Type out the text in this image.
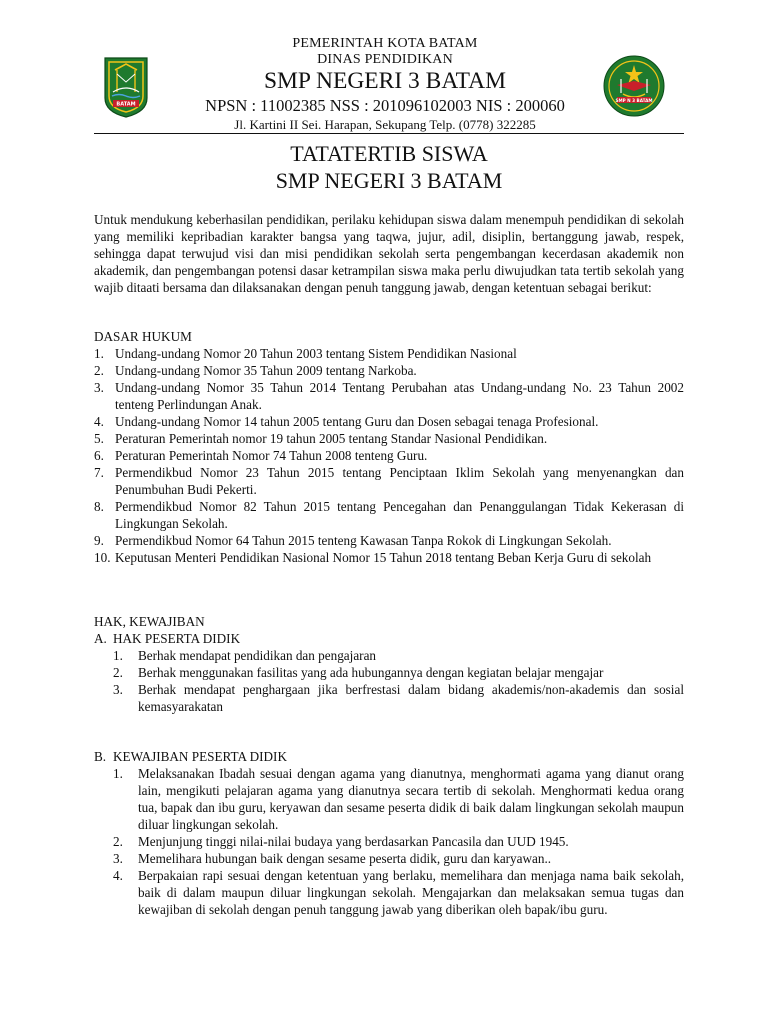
BATAM
SMP N 3 BATAM
PEMERINTAH KOTA BATAM
DINAS PENDIDIKAN
SMP NEGERI 3 BATAM
NPSN : 11002385 NSS : 201096102003 NIS : 200060
Jl. Kartini II Sei. Harapan, Sekupang Telp. (0778) 322285
TATATERTIB SISWA
SMP NEGERI 3 BATAM
Untuk mendukung keberhasilan pendidikan, perilaku kehidupan siswa dalam menempuh pendidikan di sekolah yang memiliki kepribadian karakter bangsa yang taqwa, jujur, adil, disiplin, bertanggung jawab, respek, sehingga dapat terwujud visi dan misi pendidikan sekolah serta pengembangan kecerdasan akademik non akademik, dan pengembangan potensi dasar ketrampilan siswa maka perlu diwujudkan tata tertib sekolah yang wajib ditaati bersama dan dilaksanakan dengan penuh tanggung jawab, dengan ketentuan sebagai berikut:
DASAR HUKUM
1. Undang-undang Nomor 20 Tahun 2003 tentang Sistem Pendidikan Nasional
2. Undang-undang Nomor 35 Tahun 2009 tentang Narkoba.
3. Undang-undang Nomor 35 Tahun 2014 Tentang Perubahan atas Undang-undang No. 23 Tahun 2002 tenteng Perlindungan Anak.
4. Undang-undang Nomor 14 tahun 2005 tentang Guru dan Dosen sebagai tenaga Profesional.
5. Peraturan Pemerintah nomor 19 tahun 2005 tentang Standar Nasional Pendidikan.
6. Peraturan Pemerintah Nomor 74 Tahun 2008 tenteng Guru.
7. Permendikbud Nomor 23 Tahun 2015 tentang Penciptaan Iklim Sekolah yang menyenangkan dan Penumbuhan Budi Pekerti.
8. Permendikbud Nomor 82 Tahun 2015 tentang Pencegahan dan Penanggulangan Tidak Kekerasan di Lingkungan Sekolah.
9. Permendikbud Nomor 64 Tahun 2015 tenteng Kawasan Tanpa Rokok di Lingkungan Sekolah.
10. Keputusan Menteri Pendidikan Nasional Nomor 15 Tahun 2018 tentang Beban Kerja Guru di sekolah
HAK, KEWAJIBAN
A. HAK PESERTA DIDIK
1. Berhak mendapat pendidikan dan pengajaran
2. Berhak menggunakan fasilitas yang ada hubungannya dengan kegiatan belajar mengajar
3. Berhak mendapat penghargaan jika berfrestasi dalam bidang akademis/non-akademis dan sosial kemasyarakatan
B. KEWAJIBAN PESERTA DIDIK
1. Melaksanakan Ibadah sesuai dengan agama yang dianutnya, menghormati agama yang dianut orang lain, mengikuti pelajaran agama yang dianutnya secara tertib di sekolah. Menghormati kedua orang tua, bapak dan ibu guru, keryawan dan sesame peserta didik di baik dalam lingkungan sekolah maupun diluar lingkungan sekolah.
2. Menjunjung tinggi nilai-nilai budaya yang berdasarkan Pancasila dan UUD 1945.
3. Memelihara hubungan baik dengan sesame peserta didik, guru dan karyawan..
4. Berpakaian rapi sesuai dengan ketentuan yang berlaku, memelihara dan menjaga nama baik sekolah, baik di dalam maupun diluar lingkungan sekolah. Mengajarkan dan melaksakan semua tugas dan kewajiban di sekolah dengan penuh tanggung jawab yang diberikan oleh bapak/ibu guru.
